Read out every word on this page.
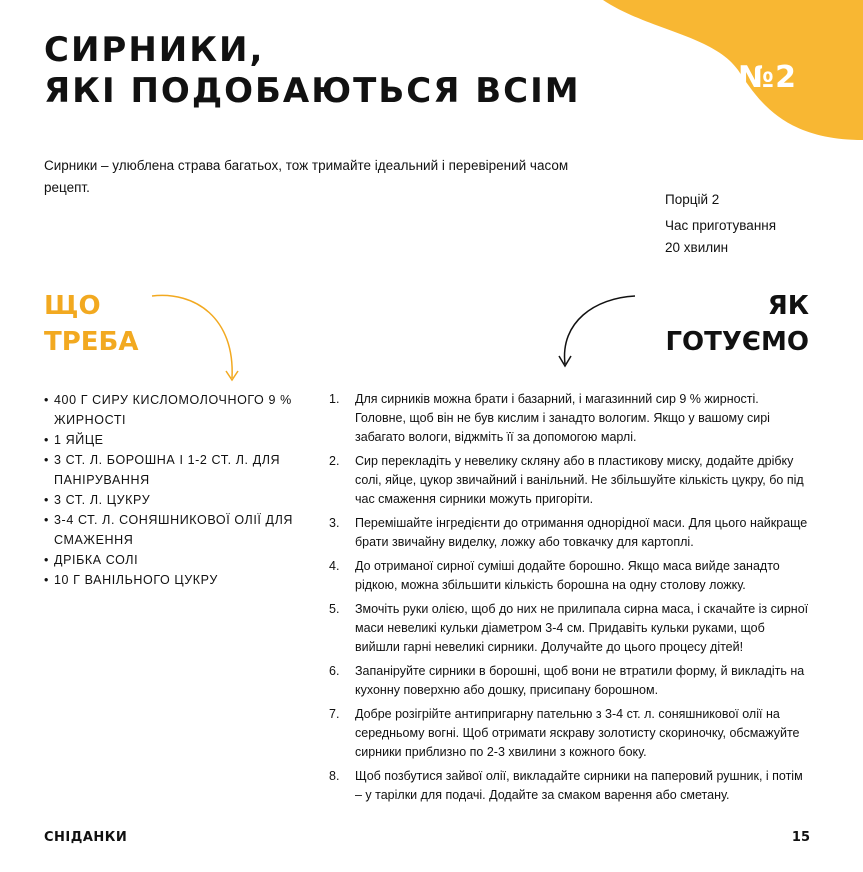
№2
СИРНИКИ,
ЯКІ ПОДОБАЮТЬСЯ ВСІМ

Сирники – улюблена страва багатьох, тож тримайте ідеальний і перевірений часом рецепт.

Порцій 2
Час приготування
20 хвилин
ЩО
ТРЕБА
ЯК
ГОТУЄМО
• 400 Г СИРУ КИСЛОМОЛОЧНОГО 9 % ЖИРНОСТІ
• 1 ЯЙЦЕ
• 3 СТ. Л. БОРОШНА І 1-2 СТ. Л. ДЛЯ ПАНІРУВАННЯ
• 3 СТ. Л. ЦУКРУ
• 3-4 СТ. Л. СОНЯШНИКОВОЇ ОЛІЇ ДЛЯ СМАЖЕННЯ
• ДРІБКА СОЛІ
• 10 Г ВАНІЛЬНОГО ЦУКРУ
1. Для сирників можна брати і базарний, і магазинний сир 9 % жирності. Головне, щоб він не був кислим і занадто вологим. Якщо у вашому сирі забагато вологи, віджміть її за допомогою марлі.
2. Сир перекладіть у невелику скляну або в пластикову миску, додайте дрібку солі, яйце, цукор звичайний і ванільний. Не збільшуйте кількість цукру, бо під час смаження сирники можуть пригоріти.
3. Перемішайте інгредієнти до отримання однорідної маси. Для цього найкраще брати звичайну виделку, ложку або товкачку для картоплі.
4. До отриманої сирної суміші додайте борошно. Якщо маса вийде занадто рідкою, можна збільшити кількість борошна на одну столову ложку.
5. Змочіть руки олією, щоб до них не прилипала сирна маса, і скачайте із сирної маси невеликі кульки діаметром 3-4 см. Придавіть кульки руками, щоб вийшли гарні невеликі сирники. Долучайте до цього процесу дітей!
6. Запаніруйте сирники в борошні, щоб вони не втратили форму, й викладіть на кухонну поверхню або дошку, присипану борошном.
7. Добре розігрійте антипригарну пательню з 3-4 ст. л. соняшникової олії на середньому вогні. Щоб отримати яскраву золотисту скориночку, обсмажуйте сирники приблизно по 2-3 хвилини з кожного боку.
8. Щоб позбутися зайвої олії, викладайте сирники на паперовий рушник, і потім – у тарілки для подачі. Додайте за смаком варення або сметану.
СНІДАНКИ	15
